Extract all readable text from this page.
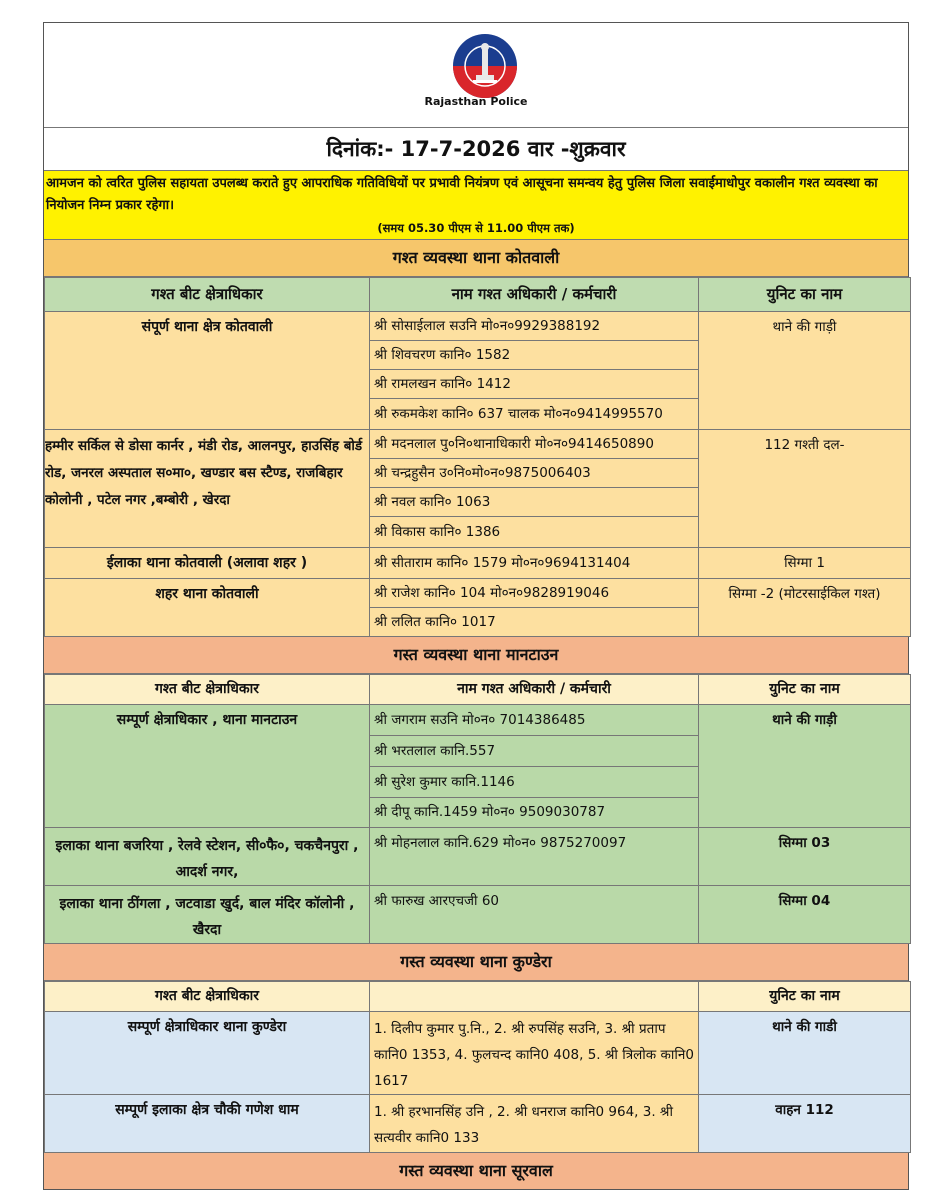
Rajasthan Police
दिनांक:- 17-7-2026 वार -शुक्रवार
आमजन को त्वरित पुलिस सहायता उपलब्ध कराते हुए आपराधिक गतिविधियों पर प्रभावी नियंत्रण एवं आसूचना समन्वय हेतु पुलिस जिला सवाईमाधोपुर वकालीन गश्त व्यवस्था का नियोजन निम्न प्रकार रहेगा।
(समय 05.30 पीएम से 11.00 पीएम तक)
गश्त व्यवस्था थाना कोतवाली
गश्त बीट क्षेत्राधिकार	नाम गश्त अधिकारी / कर्मचारी	युनिट का नाम
संपूर्ण थाना क्षेत्र कोतवाली	श्री सोसाईलाल सउनि मो०न०9929388192	थाने की गाड़ी
	श्री शिवचरण कानि० 1582	
	श्री रामलखन कानि० 1412	
	श्री रुकमकेश कानि० 637 चालक मो०न०9414995570	
हम्मीर सर्किल से डोसा कार्नर , मंडी रोड, आलनपुर, हाउसिंह बोर्ड रोड, जनरल अस्पताल स०मा०, खण्डार बस स्टैण्ड, राजबिहार कोलोनी , पटेल नगर ,बम्बोरी , खेरदा	श्री मदनलाल पु०नि०थानाधिकारी मो०न०9414650890	112 गश्ती दल-
	श्री चन्द्रहुसैन उ०नि०मो०न०9875006403	
	श्री नवल कानि० 1063	
	श्री विकास कानि० 1386	
ईलाका थाना कोतवाली (अलावा शहर )	श्री सीताराम कानि० 1579 मो०न०9694131404	सिग्मा 1
शहर थाना कोतवाली	श्री राजेश कानि० 104 मो०न०9828919046	सिग्मा -2 (मोटरसाईकिल गश्त)
	श्री ललित कानि० 1017	
गस्त व्यवस्था थाना मानटाउन
गश्त बीट क्षेत्राधिकार	नाम गश्त अधिकारी / कर्मचारी	युनिट का नाम
सम्पूर्ण क्षेत्राधिकार , थाना मानटाउन	श्री जगराम सउनि मो०न० 7014386485	थाने की गाड़ी
	श्री भरतलाल कानि.557	
	श्री सुरेश कुमार कानि.1146	
	श्री दीपू कानि.1459 मो०न० 9509030787	
इलाका थाना बजरिया , रेलवे स्टेशन, सी०फै०, चकचैनपुरा , आदर्श नगर,	श्री मोहनलाल कानि.629 मो०न० 9875270097	सिग्मा 03
इलाका थाना ठींगला , जटवाडा खुर्द, बाल मंदिर कॉलोनी , खैरदा	श्री फारुख आरएचजी 60	सिग्मा 04
गस्त व्यवस्था थाना कुण्डेरा
गश्त बीट क्षेत्राधिकार		युनिट का नाम
सम्पूर्ण क्षेत्राधिकार थाना कुण्डेरा	1. दिलीप कुमार पु.नि., 2. श्री रुपसिंह सउनि, 3. श्री प्रताप कानि0 1353, 4. फुलचन्द कानि0 408, 5. श्री त्रिलोक कानि0 1617	थाने की गाडी
सम्पूर्ण इलाका क्षेत्र चौकी गणेश धाम	1. श्री हरभानसिंह उनि , 2. श्री धनराज कानि0 964, 3. श्री सत्यवीर कानि0 133	वाहन 112
गस्त व्यवस्था थाना सूरवाल
